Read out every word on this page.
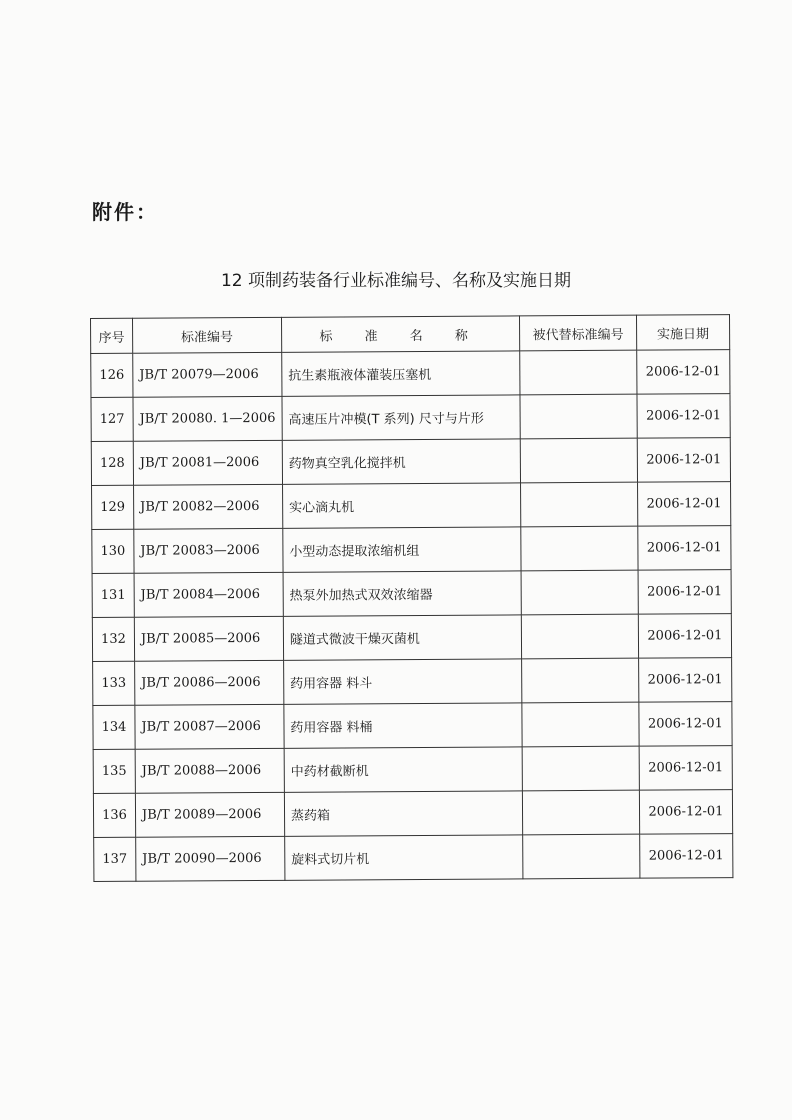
附件：
12 项制药装备行业标准编号、名称及实施日期
序号	标准编号	标 准 名 称	被代替标准编号	实施日期
126	JB/T 20079—2006	抗生素瓶液体灌装压塞机		2006-12-01
127	JB/T 20080. 1—2006	高速压片冲模(T 系列) 尺寸与片形		2006-12-01
128	JB/T 20081—2006	药物真空乳化搅拌机		2006-12-01
129	JB/T 20082—2006	实心滴丸机		2006-12-01
130	JB/T 20083—2006	小型动态提取浓缩机组		2006-12-01
131	JB/T 20084—2006	热泵外加热式双效浓缩器		2006-12-01
132	JB/T 20085—2006	隧道式微波干燥灭菌机		2006-12-01
133	JB/T 20086—2006	药用容器 料斗		2006-12-01
134	JB/T 20087—2006	药用容器 料桶		2006-12-01
135	JB/T 20088—2006	中药材截断机		2006-12-01
136	JB/T 20089—2006	蒸药箱		2006-12-01
137	JB/T 20090—2006	旋料式切片机		2006-12-01
